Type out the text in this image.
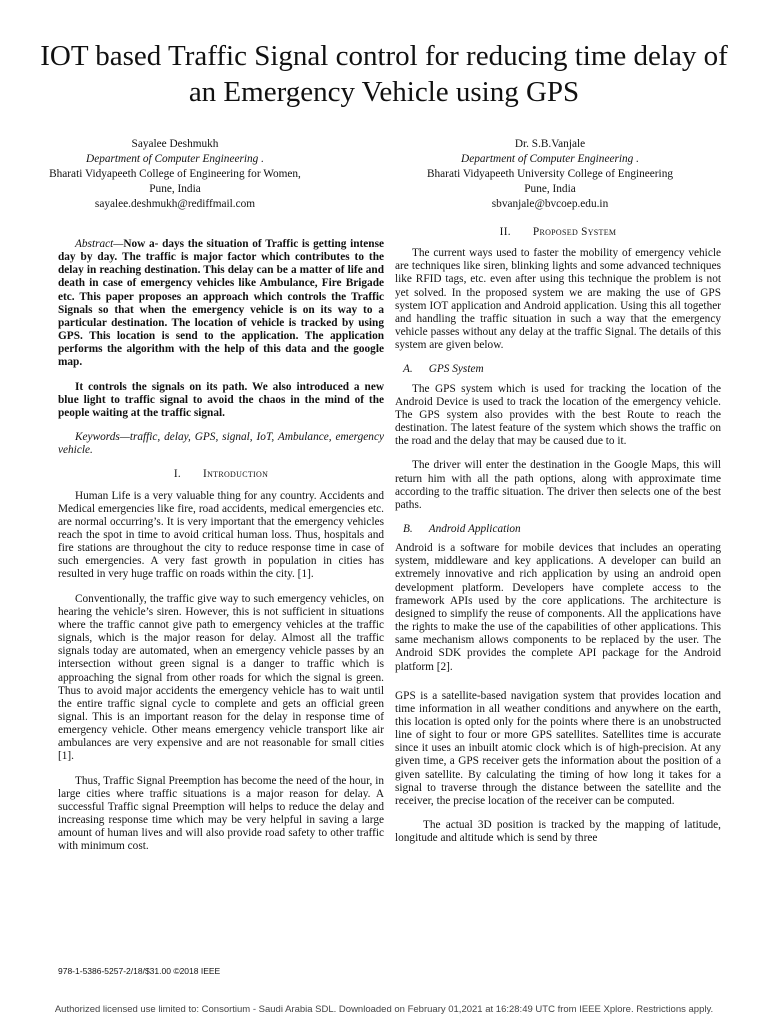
IOT based Traffic Signal control for reducing time delay of an Emergency Vehicle using GPS
Sayalee Deshmukh
Department of Computer Engineering .
Bharati Vidyapeeth College of Engineering for Women,
Pune, India
sayalee.deshmukh@rediffmail.com
Dr. S.B.Vanjale
Department of Computer Engineering .
Bharati Vidyapeeth University College of Engineering
Pune, India
sbvanjale@bvcoep.edu.in

Abstract—Now a- days the situation of Traffic is getting intense day by day. The traffic is major factor which contributes to the delay in reaching destination. This delay can be a matter of life and death in case of emergency vehicles like Ambulance, Fire Brigade etc. This paper proposes an approach which controls the Traffic Signals so that when the emergency vehicle is on its way to a particular destination. The location of vehicle is tracked by using GPS. This location is send to the application. The application performs the algorithm with the help of this data and the google map.

It controls the signals on its path. We also introduced a new blue light to traffic signal to avoid the chaos in the mind of the people waiting at the traffic signal.

Keywords—traffic, delay, GPS, signal, IoT, Ambulance, emergency vehicle.

I. Introduction

Human Life is a very valuable thing for any country. Accidents and Medical emergencies like fire, road accidents, medical emergencies etc. are normal occurring’s. It is very important that the emergency vehicles reach the spot in time to avoid critical human loss. Thus, hospitals and fire stations are throughout the city to reduce response time in case of such emergencies. A very fast growth in population in cities has resulted in very huge traffic on roads within the city. [1].

Conventionally, the traffic give way to such emergency vehicles, on hearing the vehicle’s siren. However, this is not sufficient in situations where the traffic cannot give path to emergency vehicles at the traffic signals, which is the major reason for delay. Almost all the traffic signals today are automated, when an emergency vehicle passes by an intersection without green signal is a danger to traffic which is approaching the signal from other roads for which the signal is green. Thus to avoid major accidents the emergency vehicle has to wait until the entire traffic signal cycle to complete and gets an official green signal. This is an important reason for the delay in response time of emergency vehicle. Other means emergency vehicle transport like air ambulances are very expensive and are not reasonable for small cities [1].

Thus, Traffic Signal Preemption has become the need of the hour, in large cities where traffic situations is a major reason for delay. A successful Traffic signal Preemption will helps to reduce the delay and increasing response time which may be very helpful in saving a large amount of human lives and will also provide road safety to other traffic with minimum cost.

II. Proposed System

The current ways used to faster the mobility of emergency vehicle are techniques like siren, blinking lights and some advanced techniques like RFID tags, etc. even after using this technique the problem is not yet solved. In the proposed system we are making the use of GPS system IOT application and Android application. Using this all together and handling the traffic situation in such a way that the emergency vehicle passes without any delay at the traffic Signal. The details of this system are given below.

A. GPS System

The GPS system which is used for tracking the location of the Android Device is used to track the location of the emergency vehicle. The GPS system also provides with the best Route to reach the destination. The latest feature of the system which shows the traffic on the road and the delay that may be caused due to it.

The driver will enter the destination in the Google Maps, this will return him with all the path options, along with approximate time according to the traffic situation. The driver then selects one of the best paths.

B. Android Application

Android is a software for mobile devices that includes an operating system, middleware and key applications. A developer can build an extremely innovative and rich application by using an android open development platform. Developers have complete access to the framework APIs used by the core applications. The architecture is designed to simplify the reuse of components. All the applications have the rights to make the use of the capabilities of other applications. This same mechanism allows components to be replaced by the user. The Android SDK provides the complete API package for the Android platform [2].

GPS is a satellite-based navigation system that provides location and time information in all weather conditions and anywhere on the earth, this location is opted only for the points where there is an unobstructed line of sight to four or more GPS satellites. Satellites time is accurate since it uses an inbuilt atomic clock which is of high-precision. At any given time, a GPS receiver gets the information about the position of a given satellite. By calculating the timing of how long it takes for a signal to traverse through the distance between the satellite and the receiver, the precise location of the receiver can be computed.

The actual 3D position is tracked by the mapping of latitude, longitude and altitude which is send by three

978-1-5386-5257-2/18/$31.00 ©2018 IEEE
Authorized licensed use limited to: Consortium - Saudi Arabia SDL. Downloaded on February 01,2021 at 16:28:49 UTC from IEEE Xplore. Restrictions apply.
